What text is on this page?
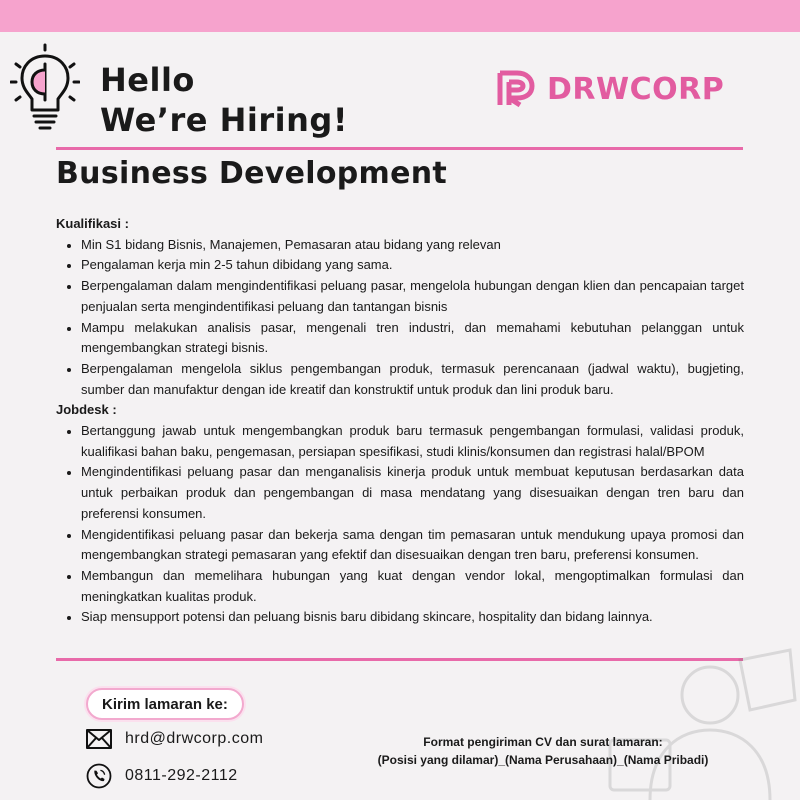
Hello
We’re Hiring!
DRWCORP
Business Development

Kualifikasi :

• Min S1 bidang Bisnis, Manajemen, Pemasaran atau bidang yang relevan
• Pengalaman kerja min 2-5 tahun dibidang yang sama.
• Berpengalaman dalam mengindentifikasi peluang pasar, mengelola hubungan dengan klien dan pencapaian target penjualan serta mengindentifikasi peluang dan tantangan bisnis
• Mampu melakukan analisis pasar, mengenali tren industri, dan memahami kebutuhan pelanggan untuk mengembangkan strategi bisnis.
• Berpengalaman mengelola siklus pengembangan produk, termasuk perencanaan (jadwal waktu), bugjeting, sumber dan manufaktur dengan ide kreatif dan konstruktif untuk produk dan lini produk baru.

Jobdesk :

• Bertanggung jawab untuk mengembangkan produk baru termasuk pengembangan formulasi, validasi produk, kualifikasi bahan baku, pengemasan, persiapan spesifikasi, studi klinis/konsumen dan registrasi halal/BPOM
• Mengindentifikasi peluang pasar dan menganalisis kinerja produk untuk membuat keputusan berdasarkan data untuk perbaikan produk dan pengembangan di masa mendatang yang disesuaikan dengan tren baru dan preferensi konsumen.
• Mengidentifikasi peluang pasar dan bekerja sama dengan tim pemasaran untuk mendukung upaya promosi dan mengembangkan strategi pemasaran yang efektif dan disesuaikan dengan tren baru, preferensi konsumen.
• Membangun dan memelihara hubungan yang kuat dengan vendor lokal, mengoptimalkan formulasi dan meningkatkan kualitas produk.
• Siap mensupport potensi dan peluang bisnis baru dibidang skincare, hospitality dan bidang lainnya.
Kirim lamaran ke:
hrd@drwcorp.com
0811-292-2112
Format pengiriman CV dan surat lamaran:
(Posisi yang dilamar)_(Nama Perusahaan)_(Nama Pribadi)
